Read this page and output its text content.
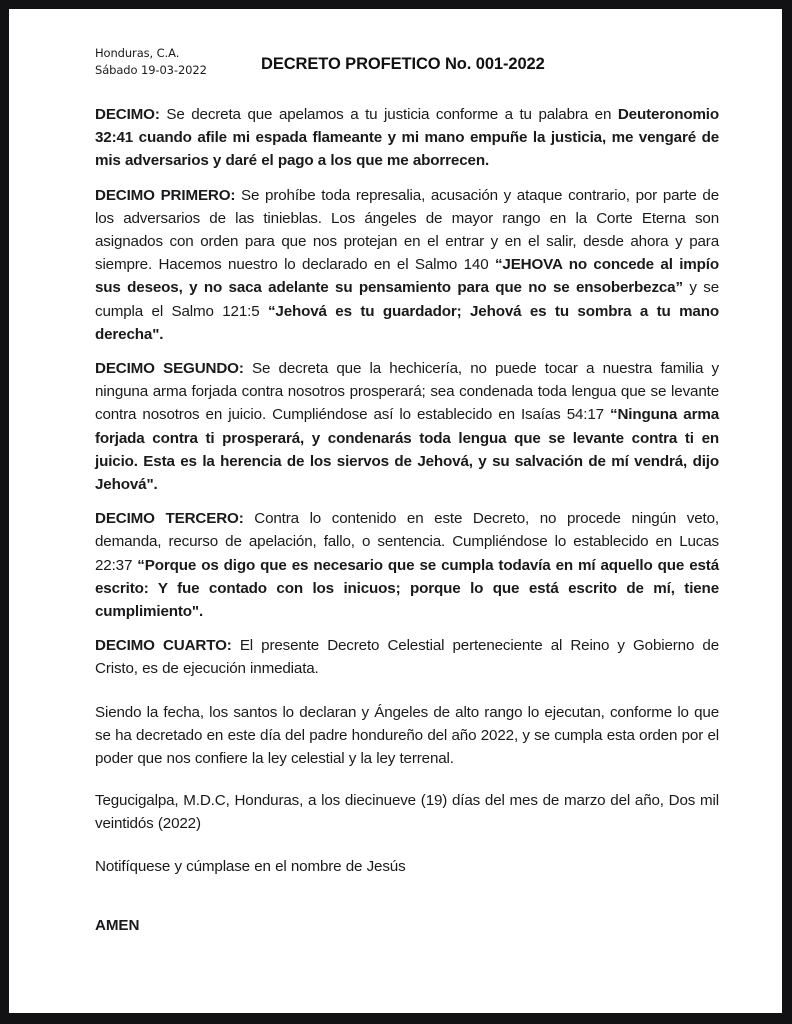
Honduras, C.A.
Sábado 19-03-2022	DECRETO PROFETICO No. 001-2022

DECIMO: Se decreta que apelamos a tu justicia conforme a tu palabra en Deuteronomio 32:41 cuando afile mi espada flameante y mi mano empuñe la justicia, me vengaré de mis adversarios y daré el pago a los que me aborrecen.

DECIMO PRIMERO: Se prohíbe toda represalia, acusación y ataque contrario, por parte de los adversarios de las tinieblas. Los ángeles de mayor rango en la Corte Eterna son asignados con orden para que nos protejan en el entrar y en el salir, desde ahora y para siempre. Hacemos nuestro lo declarado en el Salmo 140 “JEHOVA no concede al impío sus deseos, y no saca adelante su pensamiento para que no se ensoberbezca” y se cumpla el Salmo 121:5 “Jehová es tu guardador; Jehová es tu sombra a tu mano derecha".

DECIMO SEGUNDO: Se decreta que la hechicería, no puede tocar a nuestra familia y ninguna arma forjada contra nosotros prosperará; sea condenada toda lengua que se levante contra nosotros en juicio. Cumpliéndose así lo establecido en Isaías 54:17 “Ninguna arma forjada contra ti prosperará, y condenarás toda lengua que se levante contra ti en juicio. Esta es la herencia de los siervos de Jehová, y su salvación de mí vendrá, dijo Jehová".

DECIMO TERCERO: Contra lo contenido en este Decreto, no procede ningún veto, demanda, recurso de apelación, fallo, o sentencia. Cumpliéndose lo establecido en Lucas 22:37 “Porque os digo que es necesario que se cumpla todavía en mí aquello que está escrito: Y fue contado con los inicuos; porque lo que está escrito de mí, tiene cumplimiento".

DECIMO CUARTO: El presente Decreto Celestial perteneciente al Reino y Gobierno de Cristo, es de ejecución inmediata.

Siendo la fecha, los santos lo declaran y Ángeles de alto rango lo ejecutan, conforme lo que se ha decretado en este día del padre hondureño del año 2022, y se cumpla esta orden por el poder que nos confiere la ley celestial y la ley terrenal.

Tegucigalpa, M.D.C, Honduras, a los diecinueve (19) días del mes de marzo del año, Dos mil veintidós (2022)

Notifíquese y cúmplase en el nombre de Jesús

AMEN
